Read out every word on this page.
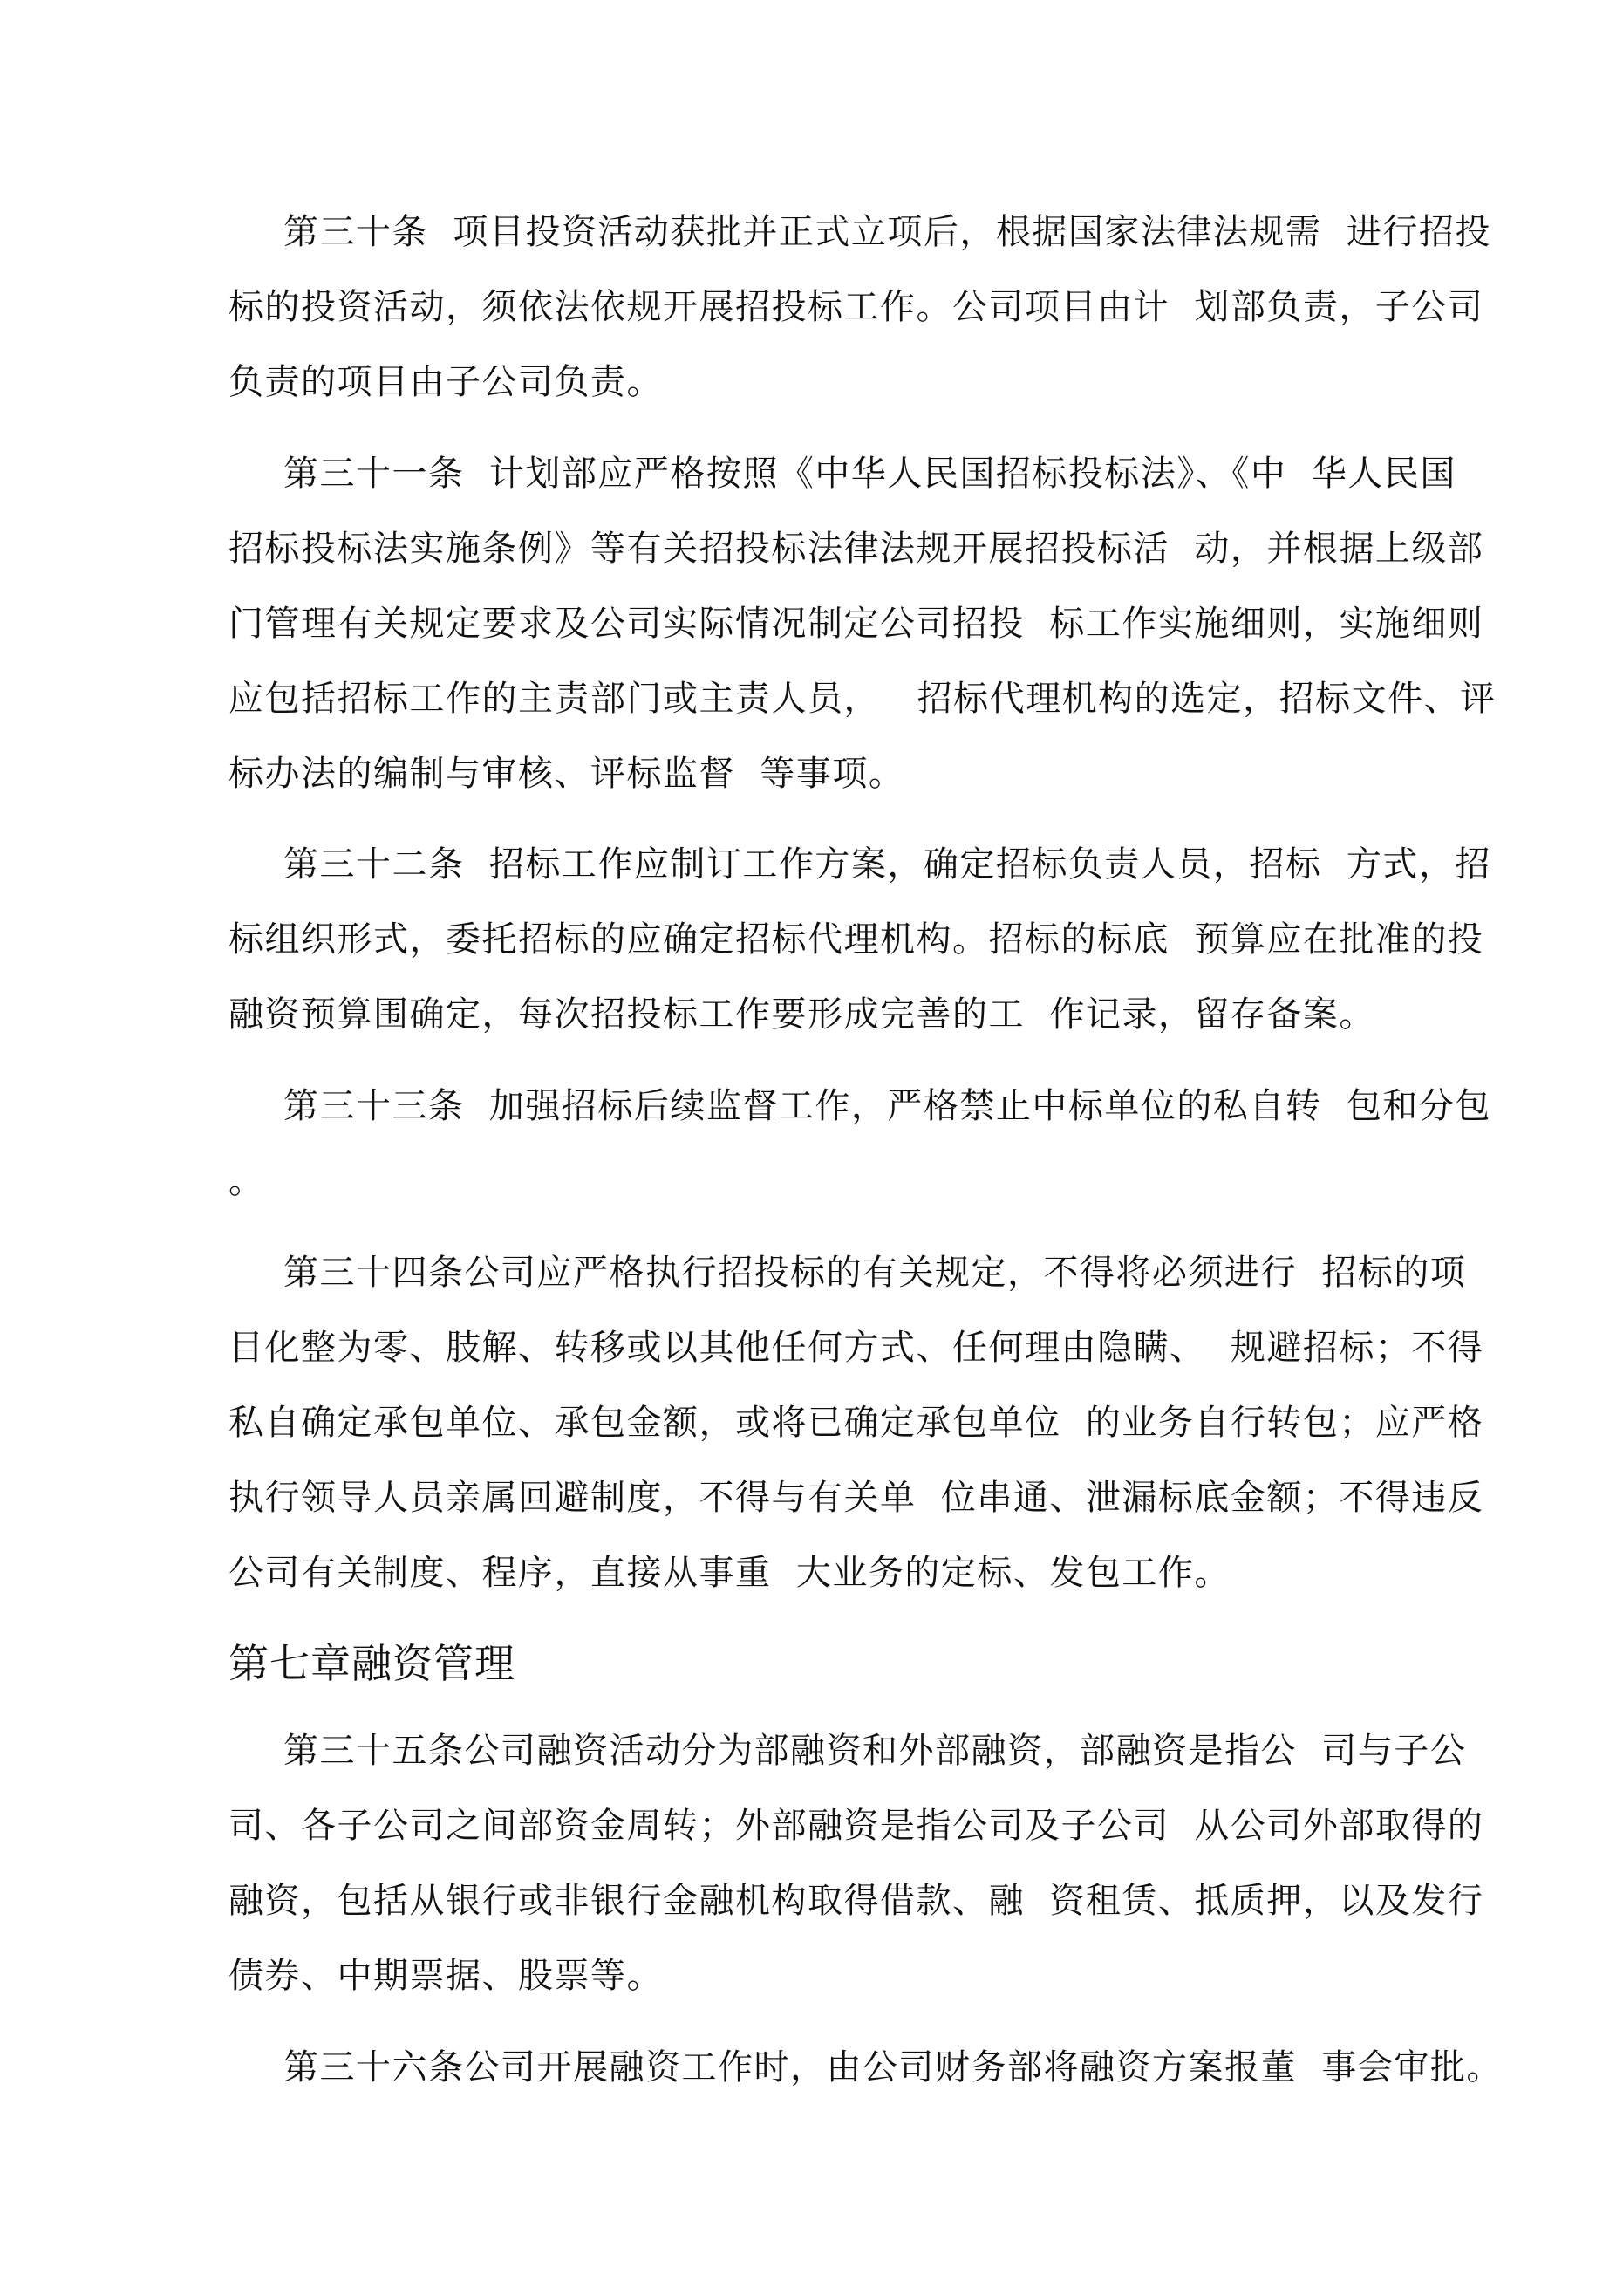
第三十条  项目投资活动获批并正式立项后，根据国家法律法规需  进行招投
标的投资活动，须依法依规开展招投标工作。公司项目由计  划部负责，子公司
负责的项目由子公司负责。
第三十一条  计划部应严格按照《中华人民国招标投标法》、《中  华人民国
招标投标法实施条例》等有关招投标法律法规开展招投标活  动，并根据上级部
门管理有关规定要求及公司实际情况制定公司招投  标工作实施细则，实施细则
应包括招标工作的主责部门或主责人员，   招标代理机构的选定，招标文件、评
标办法的编制与审核、评标监督  等事项。
第三十二条  招标工作应制订工作方案，确定招标负责人员，招标  方式，招
标组织形式，委托招标的应确定招标代理机构。招标的标底  预算应在批准的投
融资预算围确定，每次招投标工作要形成完善的工  作记录，留存备案。
第三十三条  加强招标后续监督工作，严格禁止中标单位的私自转  包和分包
。
第三十四条公司应严格执行招投标的有关规定，不得将必须进行  招标的项
目化整为零、肢解、转移或以其他任何方式、任何理由隐瞒、  规避招标；不得
私自确定承包单位、承包金额，或将已确定承包单位  的业务自行转包；应严格
执行领导人员亲属回避制度，不得与有关单  位串通、泄漏标底金额；不得违反
公司有关制度、程序，直接从事重  大业务的定标、发包工作。
第七章融资管理
第三十五条公司融资活动分为部融资和外部融资，部融资是指公  司与子公
司、各子公司之间部资金周转；外部融资是指公司及子公司  从公司外部取得的
融资，包括从银行或非银行金融机构取得借款、融  资租赁、抵质押，以及发行
债券、中期票据、股票等。
第三十六条公司开展融资工作时，由公司财务部将融资方案报董  事会审批。
